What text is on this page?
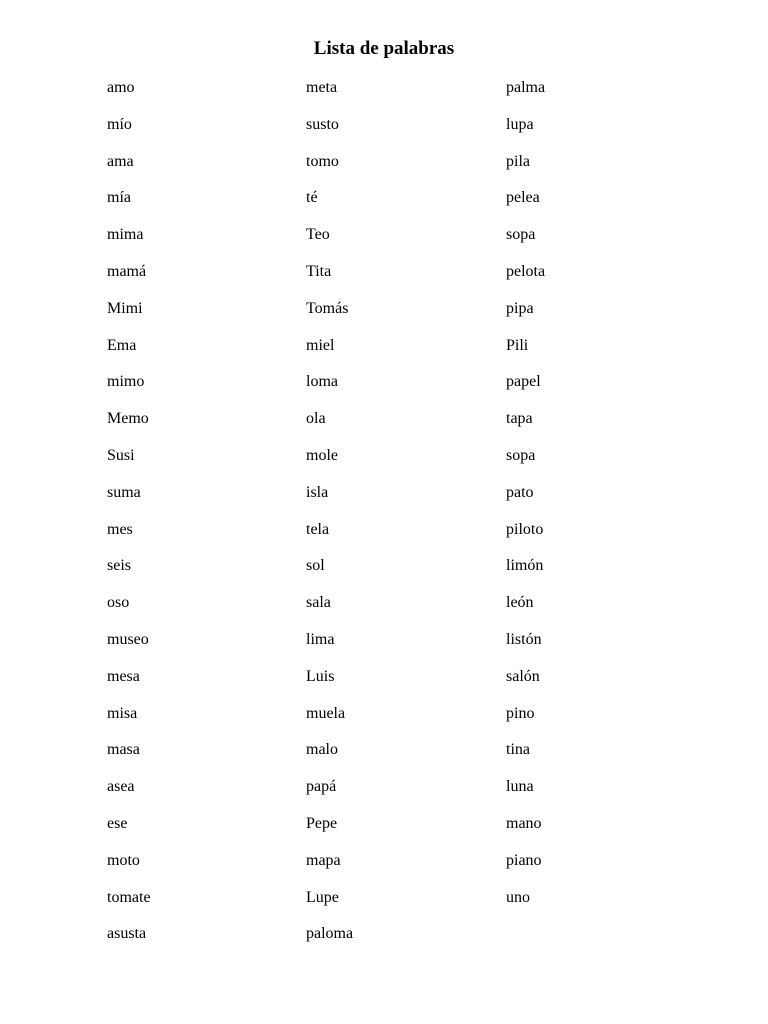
Lista de palabras
amo
mío
ama
mía
mima
mamá
Mimi
Ema
mimo
Memo
Susi
suma
mes
seis
oso
museo
mesa
misa
masa
asea
ese
moto
tomate
asusta
meta
susto
tomo
té
Teo
Tita
Tomás
miel
loma
ola
mole
isla
tela
sol
sala
lima
Luis
muela
malo
papá
Pepe
mapa
Lupe
paloma
palma
lupa
pila
pelea
sopa
pelota
pipa
Pili
papel
tapa
sopa
pato
piloto
limón
león
listón
salón
pino
tina
luna
mano
piano
uno
